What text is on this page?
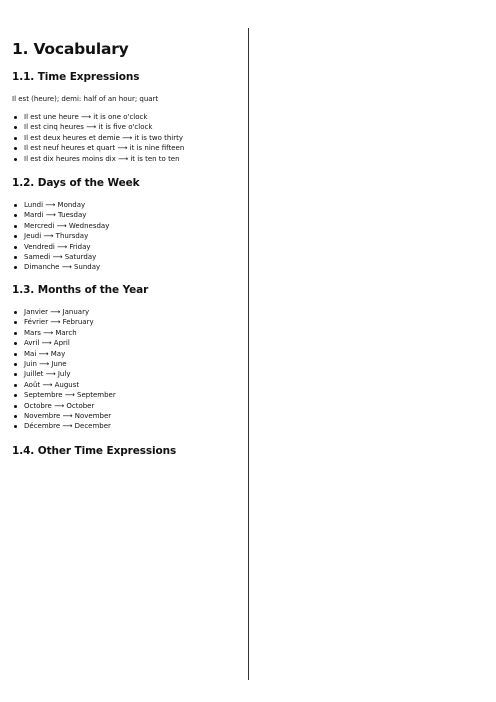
1. Vocabulary
1.1. Time Expressions

Il est (heure); demi: half of an hour; quart

Il est une heure ⟶ it is one o'clock
Il est cinq heures ⟶ it is five o'clock
Il est deux heures et demie ⟶ it is two thirty
Il est neuf heures et quart ⟶ it is nine fifteen
Il est dix heures moins dix ⟶ it is ten to ten
1.2. Days of the Week
Lundi ⟶ Monday
Mardi ⟶ Tuesday
Mercredi ⟶ Wednesday
Jeudi ⟶ Thursday
Vendredi ⟶ Friday
Samedi ⟶ Saturday
Dimanche ⟶ Sunday
1.3. Months of the Year
Janvier ⟶ January
Février ⟶ February
Mars ⟶ March
Avril ⟶ April
Mai ⟶ May
Juin ⟶ June
Juillet ⟶ July
Août ⟶ August
Septembre ⟶ September
Octobre ⟶ October
Novembre ⟶ November
Décembre ⟶ December
1.4. Other Time Expressions
